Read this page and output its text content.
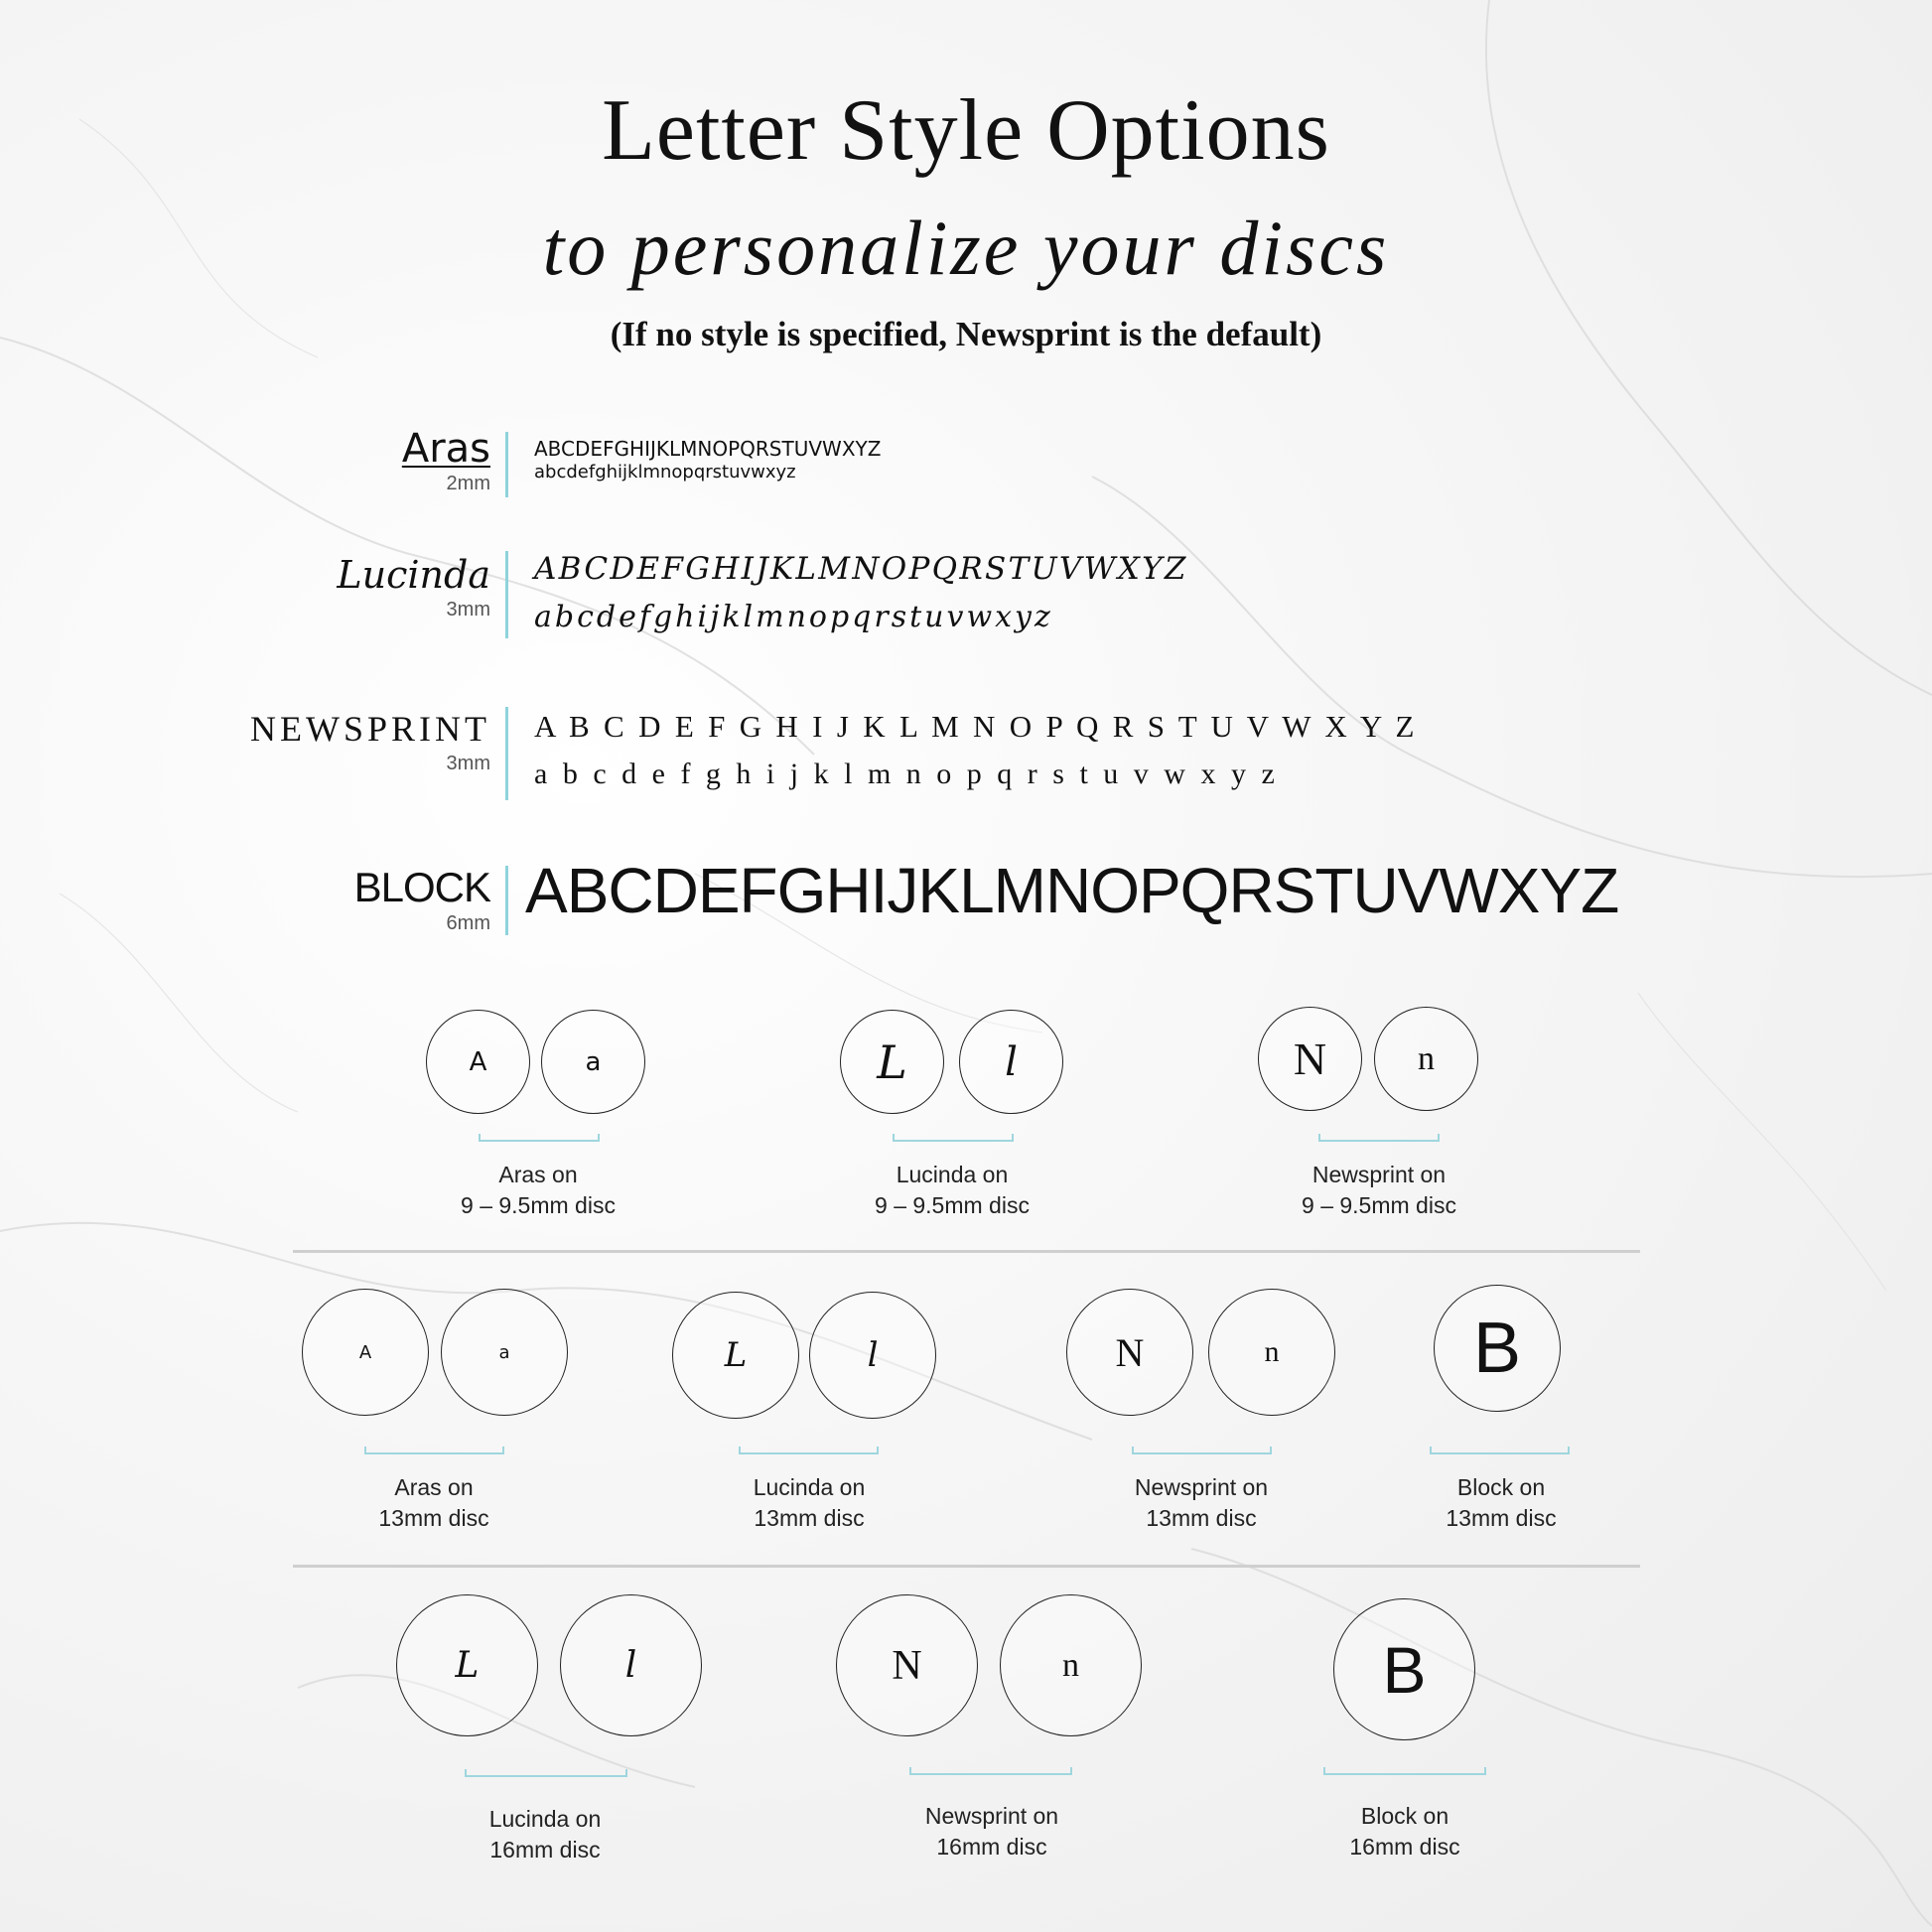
Letter Style Options
to personalize your discs
(If no style is specified, Newsprint is the default)
Aras
2mm
ABCDEFGHIJKLMNOPQRSTUVWXYZ
abcdefghijklmnopqrstuvwxyz
Lucinda
3mm
ABCDEFGHIJKLMNOPQRSTUVWXYZ
abcdefghijklmnopqrstuvwxyz
NEWSPRINT
3mm
A B C D E F G H I J K L M N O P Q R S T U V W X Y Z
a b c d e f g h i j k l m n o p q r s t u v w x y z
BLOCK
6mm ABCDEFGHIJKLMNOPQRSTUVWXYZ
A	a
Aras on
9 – 9.5mm disc
L l
Lucinda on
9 – 9.5mm disc
N	n
Newsprint on
9 – 9.5mm disc
A	a
Aras on
13mm disc
L	l
Lucinda on
13mm disc
N	n
Newsprint on
13mm disc
B
Block on
13mm disc
L	l
Lucinda on
16mm disc
N	n
Newsprint on
16mm disc
B
Block on
16mm disc
